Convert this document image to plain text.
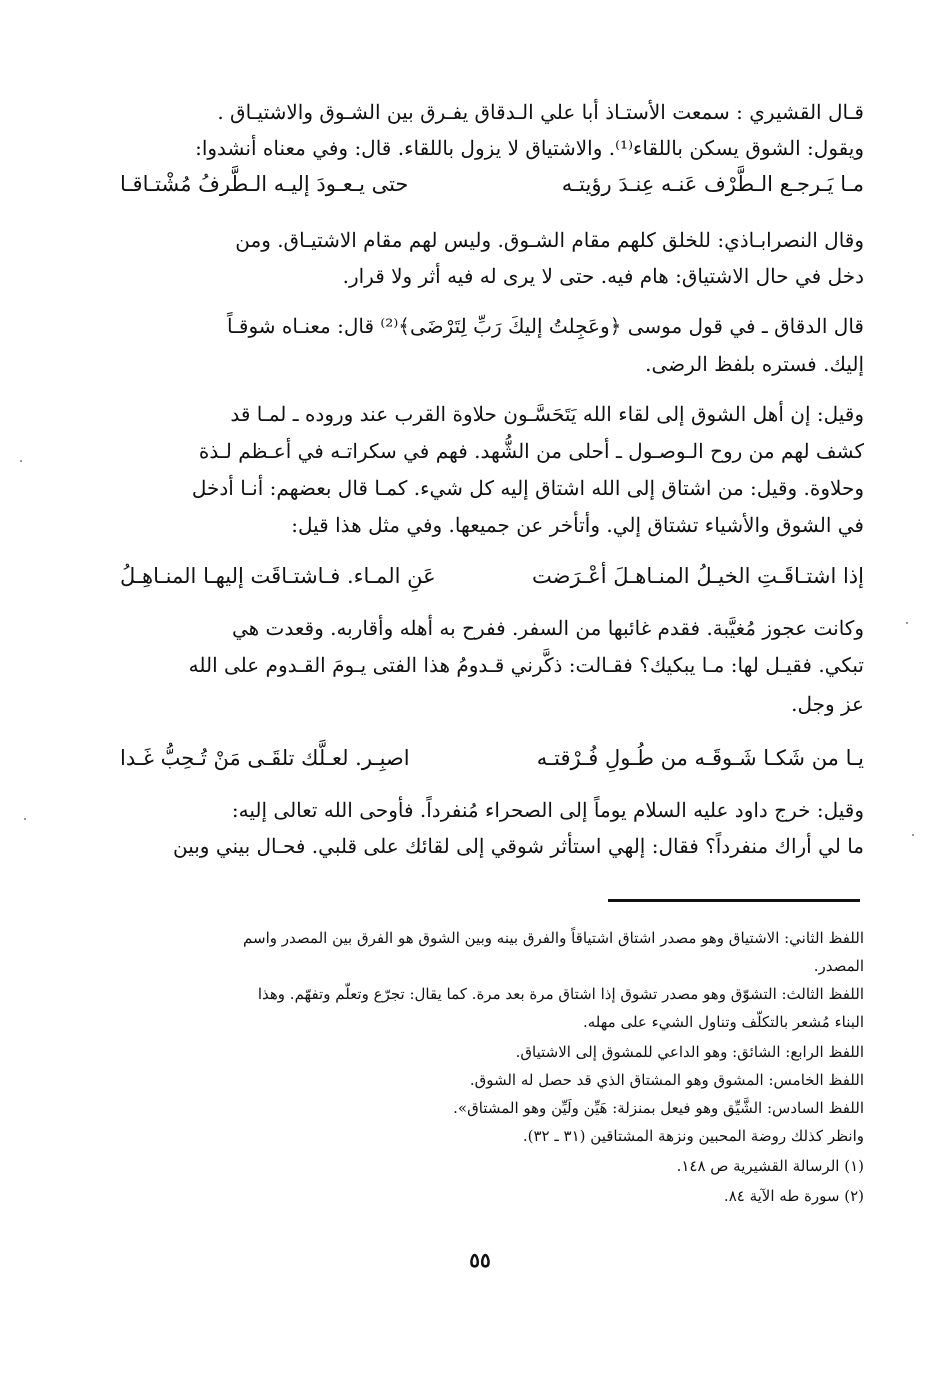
قـال القشيري : سمعت الأستـاذ أبا علي الـدقاق يفـرق بين الشـوق والاشتيـاق .
ويقول: الشوق يسكن باللقاء⁽¹⁾. والاشتياق لا يزول باللقاء. قال: وفي معناه أنشدوا:
مـا يَـرجـع الـطَّرْف عَنـه عِنـدَ رؤيتـه
حتى يـعـودَ إليـه الـطَّرفُ مُشْتـاقـا
وقال النصرابـاذي: للخلق كلهم مقام الشـوق. وليس لهم مقام الاشتيـاق. ومن
دخل في حال الاشتياق: هام فيه. حتى لا يرى له فيه أثر ولا قرار.
قال الدقاق ـ في قول موسى ﴿وعَجِلتُ إليكَ رَبِّ لِتَرْضَى﴾⁽²⁾ قال: معنـاه شوقـاً
إليك. فستره بلفظ الرضى.
وقيل: إن أهل الشوق إلى لقاء الله يَتَحَسَّـون حلاوة القرب عند وروده ـ لمـا قد
كشف لهم من روح الـوصـول ـ أحلى من الشُّهد. فهم في سكراتـه في أعـظم لـذة
وحلاوة. وقيل: من اشتاق إلى الله اشتاق إليه كل شيء. كمـا قال بعضهم: أنـا أدخل
في الشوق والأشياء تشتاق إلي. وأتأخر عن جميعها. وفي مثل هذا قيل:
إذا اشتـاقَـتِ الخيـلُ المنـاهـلَ أعْـرَضت
عَنِ المـاء. فـاشتـاقَت إليهـا المنـاهِـلُ
وكانت عجوز مُغيَّبة. فقدم غائبها من السفر. ففرح به أهله وأقاربه. وقعدت هي
تبكي. فقيـل لها: مـا يبكيك؟ فقـالت: ذكَّرني قـدومُ هذا الفتى يـومَ القـدوم على الله
عز وجل.
يـا من شَكـا شَـوقَـه من طُـولِ فُـرْقتـه
اصبِـر. لعـلَّك تلقَـى مَنْ تُـحِبُّ غَـدا
وقيل: خرج داود عليه السلام يوماً إلى الصحراء مُنفرداً. فأوحى الله تعالى إليه:
ما لي أراك منفرداً؟ فقال: إلهي استأثر شوقي إلى لقائك على قلبي. فحـال بيني وبين
اللفظ الثاني: الاشتياق وهو مصدر اشتاق اشتياقاً والفرق بينه وبين الشوق هو الفرق بين المصدر واسم
المصدر.
اللفظ الثالث: التشوّق وهو مصدر تشوق إذا اشتاق مرة بعد مرة. كما يقال: تجرّع وتعلّم وتفهّم. وهذا
البناء مُشعر بالتكلّف وتناول الشيء على مهله.
اللفظ الرابع: الشائق: وهو الداعي للمشوق إلى الاشتياق.
اللفظ الخامس: المشوق وهو المشتاق الذي قد حصل له الشوق.
اللفظ السادس: الشَّيِّق وهو فيعل بمنزلة: هَيِّن ولَيِّن وهو المشتاق».
وانظر كذلك روضة المحبين ونزهة المشتاقين (٣١ ـ ٣٢).
(١) الرسالة القشيرية ص ١٤٨.
(٢) سورة طه الآية ٨٤.
٥٥
